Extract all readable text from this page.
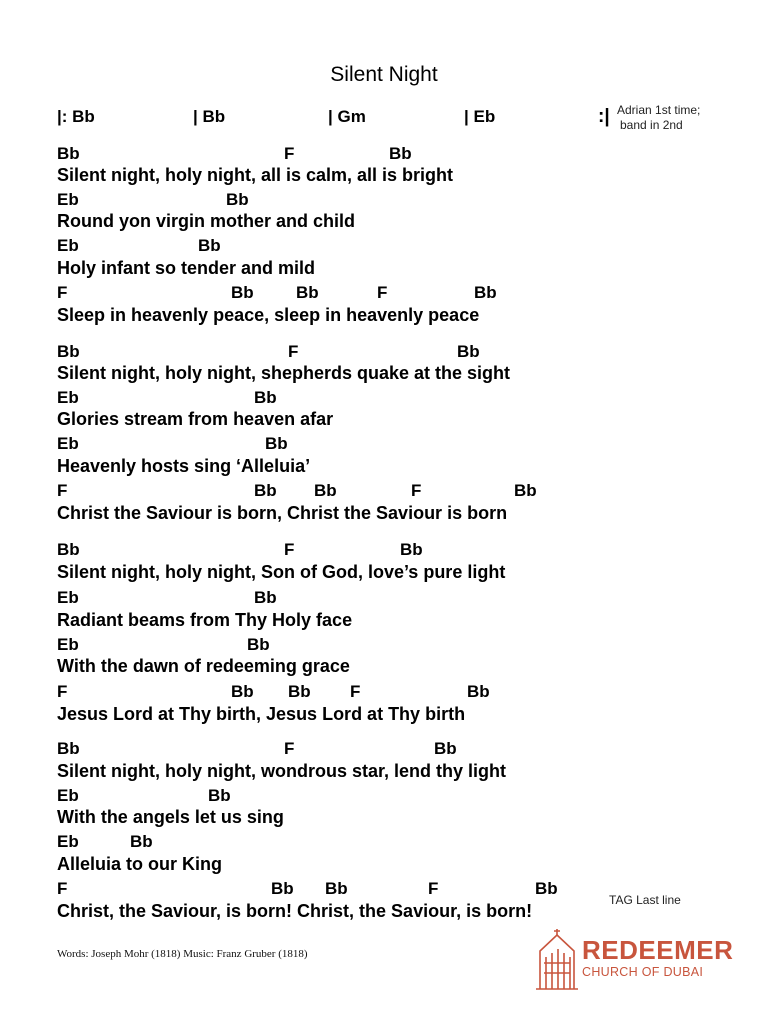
Silent Night
|: Bb	| Bb	| Gm	| Eb	:| Adrian 1st time;
band in 2nd
Bb	F	Bb
Silent night, holy night, all is calm, all is bright
Eb	Bb
Round yon virgin mother and child
Eb	Bb
Holy infant so tender and mild
F	Bb Bb	F	Bb
Sleep in heavenly peace, sleep in heavenly peace
Bb	F	Bb
Silent night, holy night, shepherds quake at the sight
Eb	Bb
Glories stream from heaven afar
Eb	Bb
Heavenly hosts sing ‘Alleluia’
F	Bb Bb	F	Bb
Christ the Saviour is born, Christ the Saviour is born
Bb	F	Bb
Silent night, holy night, Son of God, love’s pure light
Eb	Bb
Radiant beams from Thy Holy face
Eb	Bb
With the dawn of redeeming grace
F	Bb Bb F	Bb
Jesus Lord at Thy birth, Jesus Lord at Thy birth
Bb	F	Bb
Silent night, holy night, wondrous star, lend thy light
Eb	Bb
With the angels let us sing
Eb	Bb
Alleluia to our King
F	Bb Bb	F	Bb
Christ, the Saviour, is born! Christ, the Saviour, is born!
TAG Last line
Words: Joseph Mohr (1818) Music: Franz Gruber (1818)	REDEEMER
CHURCH OF DUBAI
